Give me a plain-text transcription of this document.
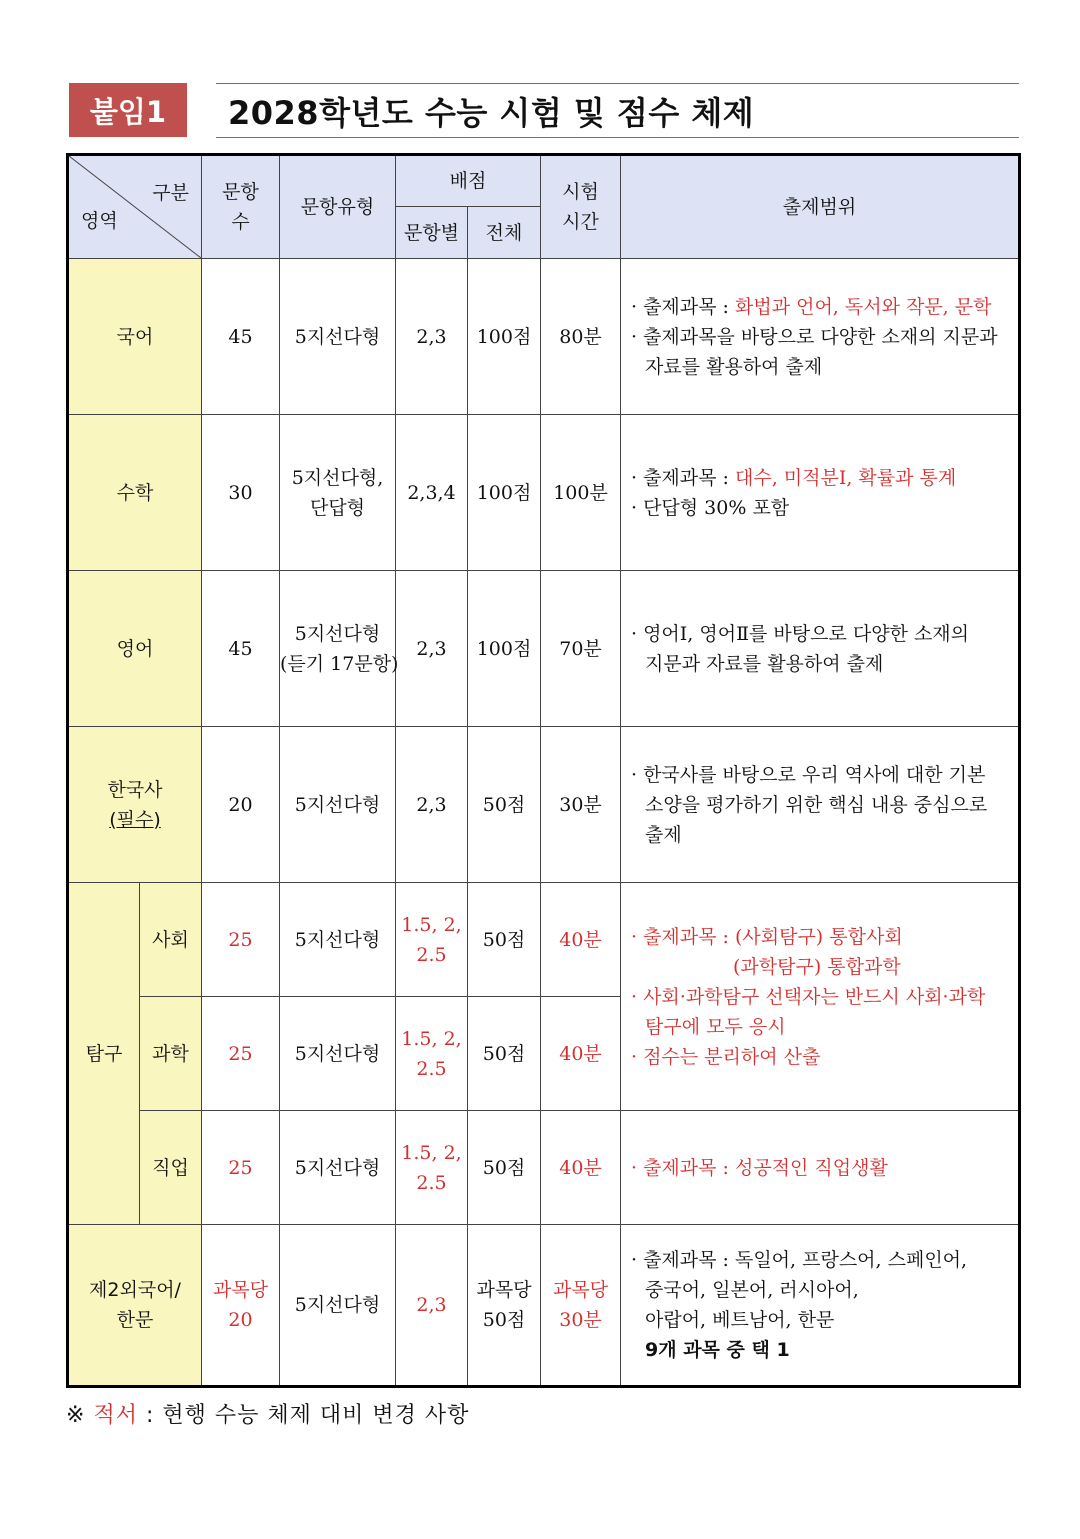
붙임1 2028학년도 수능 시험 및 점수 체제
구분
영역		문항수	문항유형	배점		시험시간	출제범위
				문항별	전체		
국어		45	5지선다형	2,3	100점	80분	· 출제과목 : 화법과 언어, 독서와 작문, 문학
· 출제과목을 바탕으로 다양한 소재의 지문과
자료를 활용하여 출제

수학		30	5지선다형,
단답형	2,3,4	100점	100분	· 출제과목 : 대수, 미적분Ⅰ, 확률과 통계
· 단답형 30% 포함

영어		45	5지선다형
(듣기 17문항)	2,3	100점	70분	· 영어Ⅰ, 영어Ⅱ를 바탕으로 다양한 소재의
지문과 자료를 활용하여 출제

한국사
(필수)		20	5지선다형	2,3	50점	30분	· 한국사를 바탕으로 우리 역사에 대한 기본
소양을 평가하기 위한 핵심 내용 중심으로
출제

탐구	사회	25	5지선다형	1.5, 2,
2.5	50점	40분	· 출제과목 : (사회탐구) 통합사회
(과학탐구) 통합과학
· 사회·과학탐구 선택자는 반드시 사회·과학
탐구에 모두 응시
· 점수는 분리하여 산출

	과학	25	5지선다형	1.5, 2,
2.5	50점	40분	
	직업	25	5지선다형	1.5, 2,
2.5	50점	40분	· 출제과목 : 성공적인 직업생활

제2외국어/
한문		과목당
20	5지선다형	2,3	과목당
50점	과목당
30분	· 출제과목 : 독일어, 프랑스어, 스페인어,
중국어, 일본어, 러시아어,
아랍어, 베트남어, 한문
9개 과목 중 택 1
※ 적서 : 현행 수능 체제 대비 변경 사항
